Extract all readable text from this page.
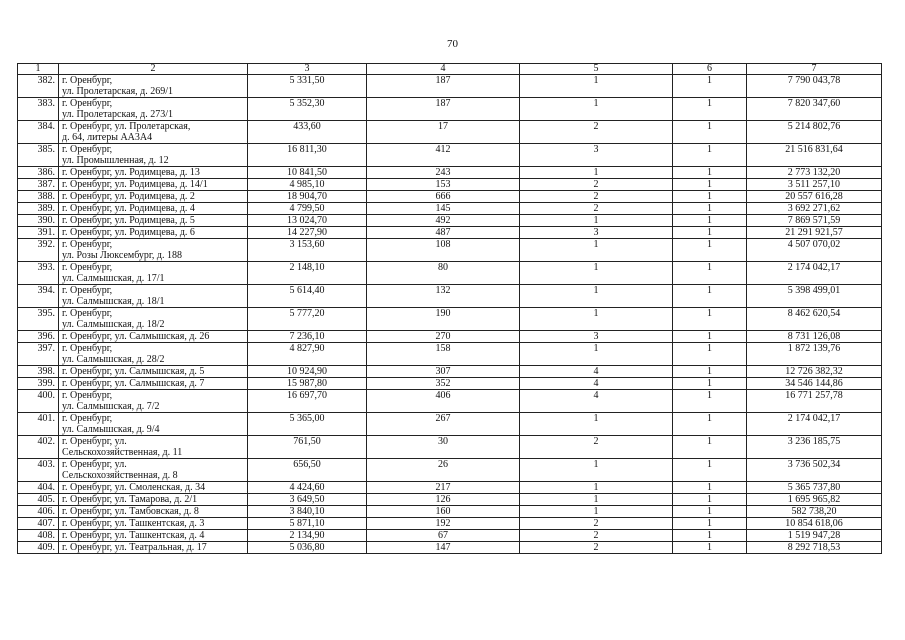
70
1	2	3	4	5	6	7
382.	г. Оренбург,
ул. Пролетарская, д. 269/1	5 331,50	187	1	1	7 790 043,78
383.	г. Оренбург,
ул. Пролетарская, д. 273/1	5 352,30	187	1	1	7 820 347,60
384.	г. Оренбург, ул. Пролетарская,
д. 64, литеры АА3А4	433,60	17	2	1	5 214 802,76
385.	г. Оренбург,
ул. Промышленная, д. 12	16 811,30	412	3	1	21 516 831,64
386.	г. Оренбург, ул. Родимцева, д. 13	10 841,50	243	1	1	2 773 132,20
387.	г. Оренбург, ул. Родимцева, д. 14/1	4 985,10	153	2	1	3 511 257,10
388.	г. Оренбург, ул. Родимцева, д. 2	18 904,70	666	2	1	20 557 616,28
389.	г. Оренбург, ул. Родимцева, д. 4	4 799,50	145	2	1	3 692 271,62
390.	г. Оренбург, ул. Родимцева, д. 5	13 024,70	492	1	1	7 869 571,59
391.	г. Оренбург, ул. Родимцева, д. 6	14 227,90	487	3	1	21 291 921,57
392.	г. Оренбург,
ул. Розы Люксембург, д. 188	3 153,60	108	1	1	4 507 070,02
393.	г. Оренбург,
ул. Салмышская, д. 17/1	2 148,10	80	1	1	2 174 042,17
394.	г. Оренбург,
ул. Салмышская, д. 18/1	5 614,40	132	1	1	5 398 499,01
395.	г. Оренбург,
ул. Салмышская, д. 18/2	5 777,20	190	1	1	8 462 620,54
396.	г. Оренбург, ул. Салмышская, д. 26	7 236,10	270	3	1	8 731 126,08
397.	г. Оренбург,
ул. Салмышская, д. 28/2	4 827,90	158	1	1	1 872 139,76
398.	г. Оренбург, ул. Салмышская, д. 5	10 924,90	307	4	1	12 726 382,32
399.	г. Оренбург, ул. Салмышская, д. 7	15 987,80	352	4	1	34 546 144,86
400.	г. Оренбург,
ул. Салмышская, д. 7/2	16 697,70	406	4	1	16 771 257,78
401.	г. Оренбург,
ул. Салмышская, д. 9/4	5 365,00	267	1	1	2 174 042,17
402.	г. Оренбург, ул.
Сельскохозяйственная, д. 11	761,50	30	2	1	3 236 185,75
403.	г. Оренбург, ул.
Сельскохозяйственная, д. 8	656,50	26	1	1	3 736 502,34
404.	г. Оренбург, ул. Смоленская, д. 34	4 424,60	217	1	1	5 365 737,80
405.	г. Оренбург, ул. Тамарова, д. 2/1	3 649,50	126	1	1	1 695 965,82
406.	г. Оренбург, ул. Тамбовская, д. 8	3 840,10	160	1	1	582 738,20
407.	г. Оренбург, ул. Ташкентская, д. 3	5 871,10	192	2	1	10 854 618,06
408.	г. Оренбург, ул. Ташкентская, д. 4	2 134,90	67	2	1	1 519 947,28
409.	г. Оренбург, ул. Театральная, д. 17	5 036,80	147	2	1	8 292 718,53
